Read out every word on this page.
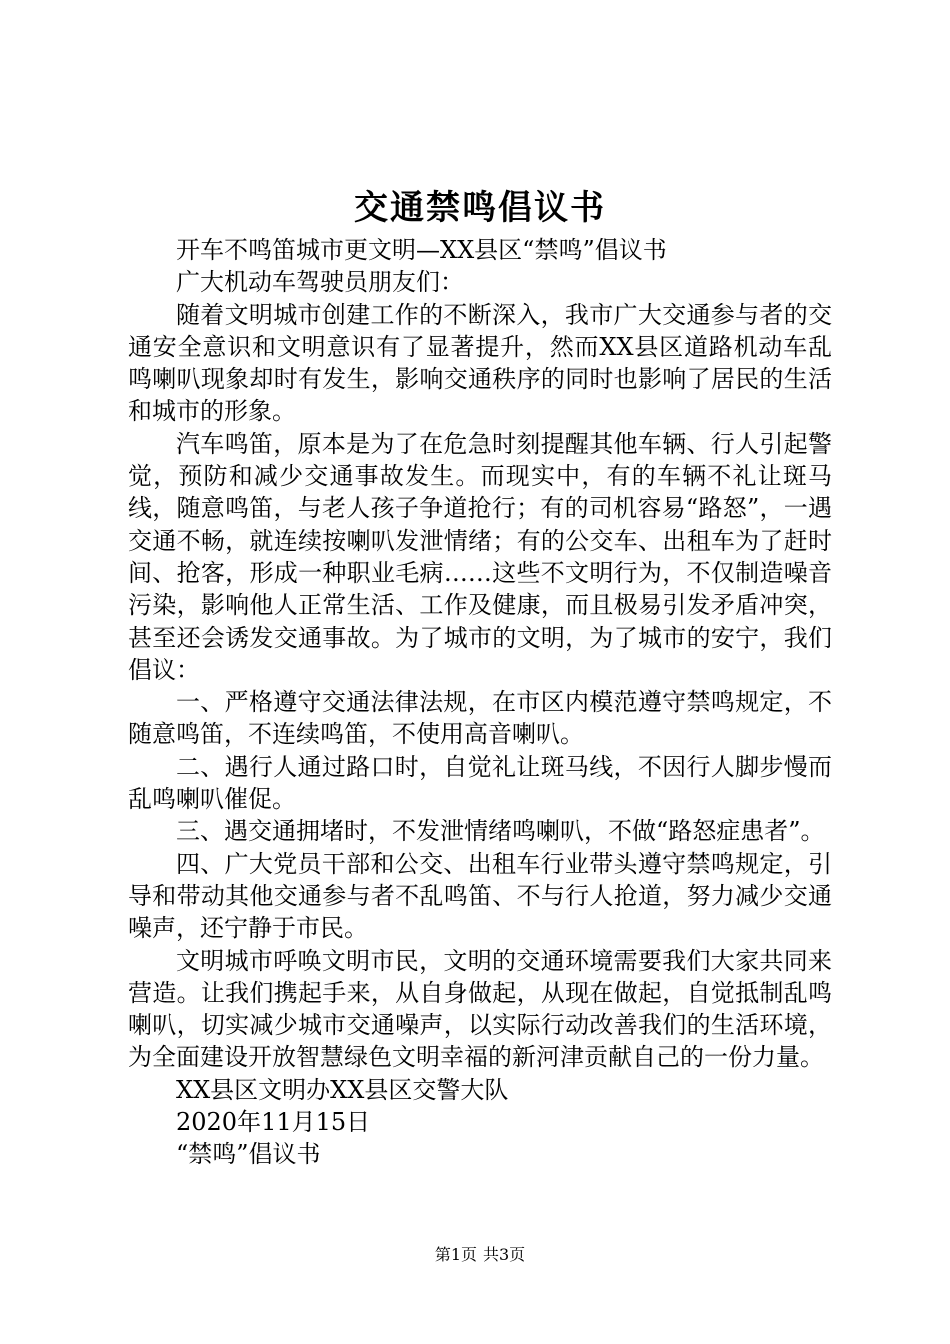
交通禁鸣倡议书

开车不鸣笛城市更文明—XX县区“禁鸣”倡议书

广大机动车驾驶员朋友们：

随着文明城市创建工作的不断深入，我市广大交通参与者的交通安全意识和文明意识有了显著提升，然而XX县区道路机动车乱鸣喇叭现象却时有发生，影响交通秩序的同时也影响了居民的生活和城市的形象。

汽车鸣笛，原本是为了在危急时刻提醒其他车辆、行人引起警觉，预防和减少交通事故发生。而现实中，有的车辆不礼让斑马线，随意鸣笛，与老人孩子争道抢行；有的司机容易“路怒”，一遇交通不畅，就连续按喇叭发泄情绪；有的公交车、出租车为了赶时间、抢客，形成一种职业毛病……这些不文明行为，不仅制造噪音污染，影响他人正常生活、工作及健康，而且极易引发矛盾冲突，甚至还会诱发交通事故。为了城市的文明，为了城市的安宁，我们倡议：

一、严格遵守交通法律法规，在市区内模范遵守禁鸣规定，不随意鸣笛，不连续鸣笛，不使用高音喇叭。

二、遇行人通过路口时，自觉礼让斑马线，不因行人脚步慢而乱鸣喇叭催促。

三、遇交通拥堵时，不发泄情绪鸣喇叭，不做“路怒症患者”。

四、广大党员干部和公交、出租车行业带头遵守禁鸣规定，引导和带动其他交通参与者不乱鸣笛、不与行人抢道，努力减少交通噪声，还宁静于市民。

文明城市呼唤文明市民，文明的交通环境需要我们大家共同来营造。让我们携起手来，从自身做起，从现在做起，自觉抵制乱鸣喇叭，切实减少城市交通噪声，以实际行动改善我们的生活环境，为全面建设开放智慧绿色文明幸福的新河津贡献自己的一份力量。

XX县区文明办XX县区交警大队

2020年11月15日

“禁鸣”倡议书

第1页 共3页
